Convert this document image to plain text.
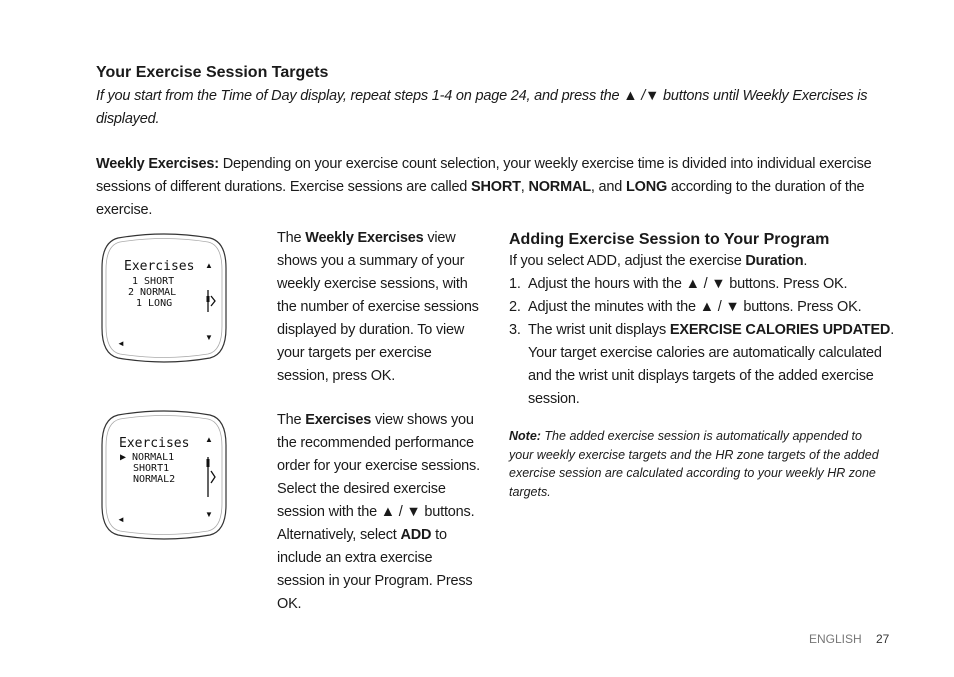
Your Exercise Session Targets

If you start from the Time of Day display, repeat steps 1-4 on page 24, and press the ▲ /▼ buttons until Weekly Exercises is displayed.

Weekly Exercises: Depending on your exercise count selection, your weekly exercise time is divided into individual exercise sessions of different durations. Exercise sessions are called SHORT, NORMAL, and LONG according to the duration of the exercise.

Exercises
1 SHORT
2 NORMAL
1 LONG
▲
▼
◄
Exercises
▶ NORMAL1
SHORT1
NORMAL2
▲
▼
◄

The Weekly Exercises view shows you a summary of your weekly exercise sessions, with the number of exercise sessions displayed by duration. To view your targets per exercise session, press OK.

The Exercises view shows you the recommended performance order for your exercise sessions. Select the desired exercise session with the ▲ / ▼ buttons. Alternatively, select ADD to include an extra exercise session in your Program. Press OK.

Adding Exercise Session to Your Program

If you select ADD, adjust the exercise Duration.

1. Adjust the hours with the ▲ / ▼ buttons. Press OK.
2. Adjust the minutes with the ▲ / ▼ buttons. Press OK.
3. The wrist unit displays EXERCISE CALORIES UPDATED. Your target exercise calories are automatically calculated and the wrist unit displays targets of the added exercise session.

Note: The added exercise session is automatically appended to your weekly exercise targets and the HR zone targets of the added exercise session are calculated according to your weekly HR zone targets.

ENGLISH 27
